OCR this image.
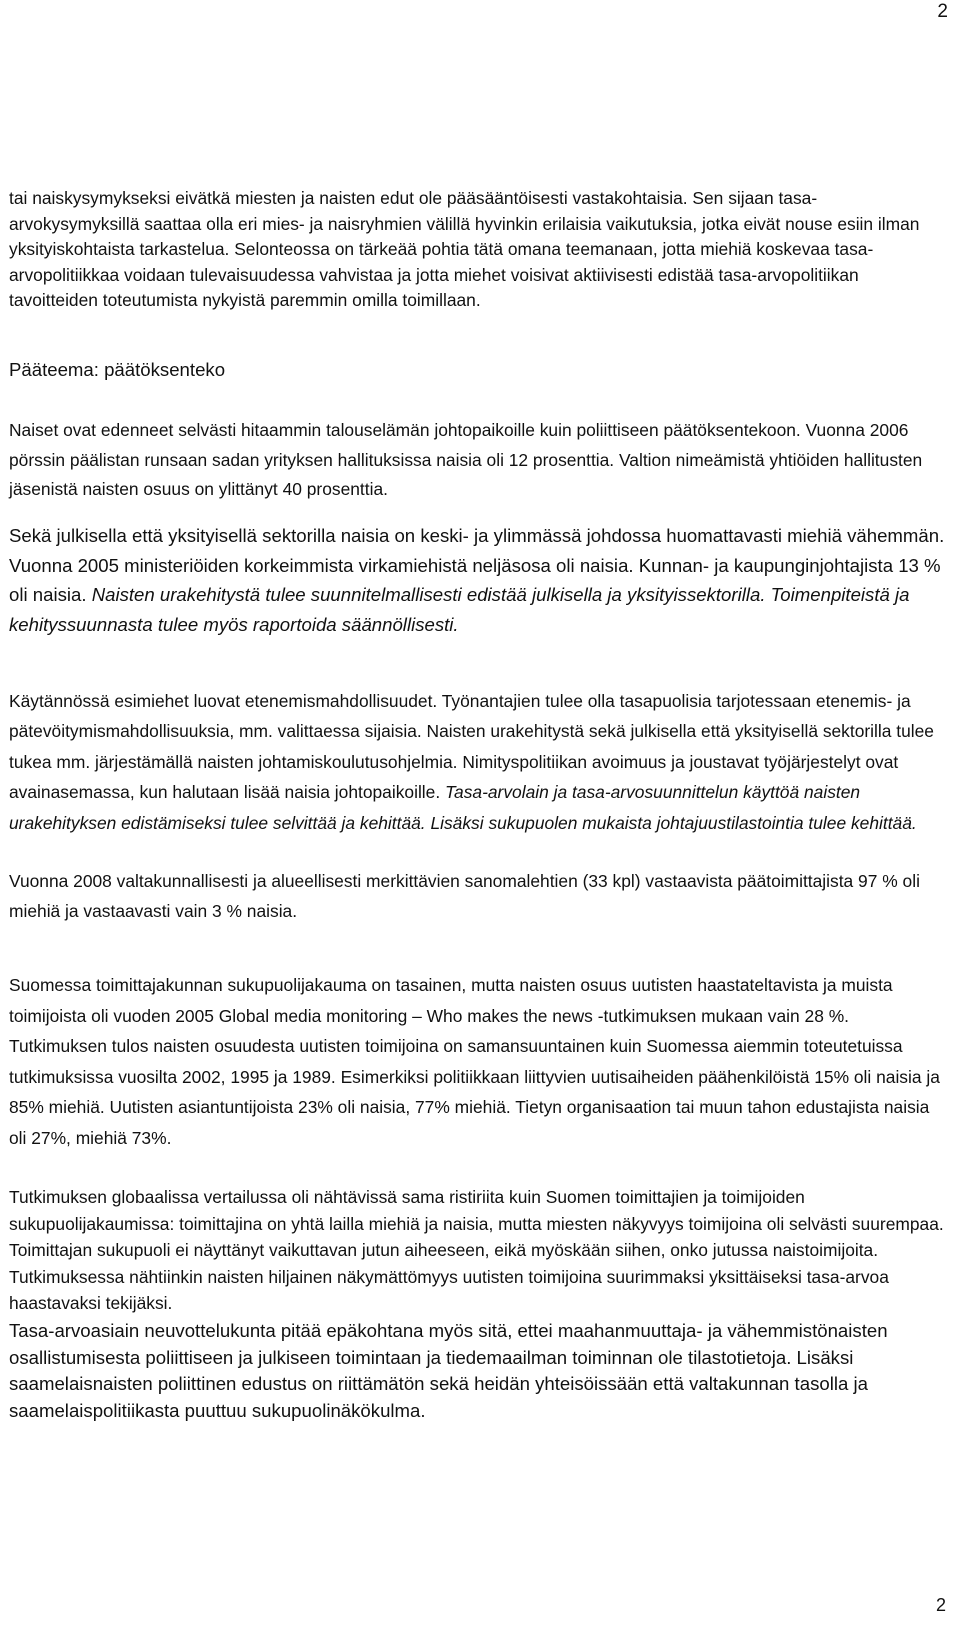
2

tai naiskysymykseksi eivätkä miesten ja naisten edut ole pääsääntöisesti vastakohtaisia. Sen sijaan tasa-arvokysymyksillä saattaa olla eri mies- ja naisryhmien välillä hyvinkin erilaisia vaikutuksia, jotka eivät nouse esiin ilman yksityiskohtaista tarkastelua. Selonteossa on tärkeää pohtia tätä omana teemanaan, jotta miehiä koskevaa tasa-arvopolitiikkaa voidaan tulevaisuudessa vahvistaa ja jotta miehet voisivat aktiivisesti edistää tasa-arvopolitiikan tavoitteiden toteutumista nykyistä paremmin omilla toimillaan.

Pääteema: päätöksenteko

Naiset ovat edenneet selvästi hitaammin talouselämän johtopaikoille kuin poliittiseen päätöksentekoon. Vuonna 2006 pörssin päälistan runsaan sadan yrityksen hallituksissa naisia oli 12 prosenttia. Valtion nimeämistä yhtiöiden hallitusten jäsenistä naisten osuus on ylittänyt 40 prosenttia.

Sekä julkisella että yksityisellä sektorilla naisia on keski- ja ylimmässä johdossa huomattavasti miehiä vähemmän. Vuonna 2005 ministeriöiden korkeimmista virkamiehistä neljäsosa oli naisia. Kunnan- ja kaupunginjohtajista 13 % oli naisia. Naisten urakehitystä tulee suunnitelmallisesti edistää julkisella ja yksityissektorilla. Toimenpiteistä ja kehityssuunnasta tulee myös raportoida säännöllisesti.

Käytännössä esimiehet luovat etenemismahdollisuudet. Työnantajien tulee olla tasapuolisia tarjotessaan etenemis- ja pätevöitymismahdollisuuksia, mm. valittaessa sijaisia. Naisten urakehitystä sekä julkisella että yksityisellä sektorilla tulee tukea mm. järjestämällä naisten johtamiskoulutusohjelmia. Nimityspolitiikan avoimuus ja joustavat työjärjestelyt ovat avainasemassa, kun halutaan lisää naisia johtopaikoille. Tasa-arvolain ja tasa-arvosuunnittelun käyttöä naisten urakehityksen edistämiseksi tulee selvittää ja kehittää. Lisäksi sukupuolen mukaista johtajuustilastointia tulee kehittää.

Vuonna 2008 valtakunnallisesti ja alueellisesti merkittävien sanomalehtien (33 kpl) vastaavista päätoimittajista 97 % oli miehiä ja vastaavasti vain 3 % naisia.

Suomessa toimittajakunnan sukupuolijakauma on tasainen, mutta naisten osuus uutisten haastateltavista ja muista toimijoista oli vuoden 2005 Global media monitoring – Who makes the news -tutkimuksen mukaan vain 28 %. Tutkimuksen tulos naisten osuudesta uutisten toimijoina on samansuuntainen kuin Suomessa aiemmin toteutetuissa tutkimuksissa vuosilta 2002, 1995 ja 1989. Esimerkiksi politiikkaan liittyvien uutisaiheiden päähenkilöistä 15% oli naisia ja 85% miehiä. Uutisten asiantuntijoista 23% oli naisia, 77% miehiä. Tietyn organisaation tai muun tahon edustajista naisia oli 27%, miehiä 73%.

Tutkimuksen globaalissa vertailussa oli nähtävissä sama ristiriita kuin Suomen toimittajien ja toimijoiden sukupuolijakaumissa: toimittajina on yhtä lailla miehiä ja naisia, mutta miesten näkyvyys toimijoina oli selvästi suurempaa. Toimittajan sukupuoli ei näyttänyt vaikuttavan jutun aiheeseen, eikä myöskään siihen, onko jutussa naistoimijoita. Tutkimuksessa nähtiinkin naisten hiljainen näkymättömyys uutisten toimijoina suurimmaksi yksittäiseksi tasa-arvoa haastavaksi tekijäksi.

Tasa-arvoasiain neuvottelukunta pitää epäkohtana myös sitä, ettei maahanmuuttaja- ja vähemmistönaisten osallistumisesta poliittiseen ja julkiseen toimintaan ja tiedemaailman toiminnan ole tilastotietoja. Lisäksi saamelaisnaisten poliittinen edustus on riittämätön sekä heidän yhteisöissään että valtakunnan tasolla ja saamelaispolitiikasta puuttuu sukupuolinäkökulma.

2
